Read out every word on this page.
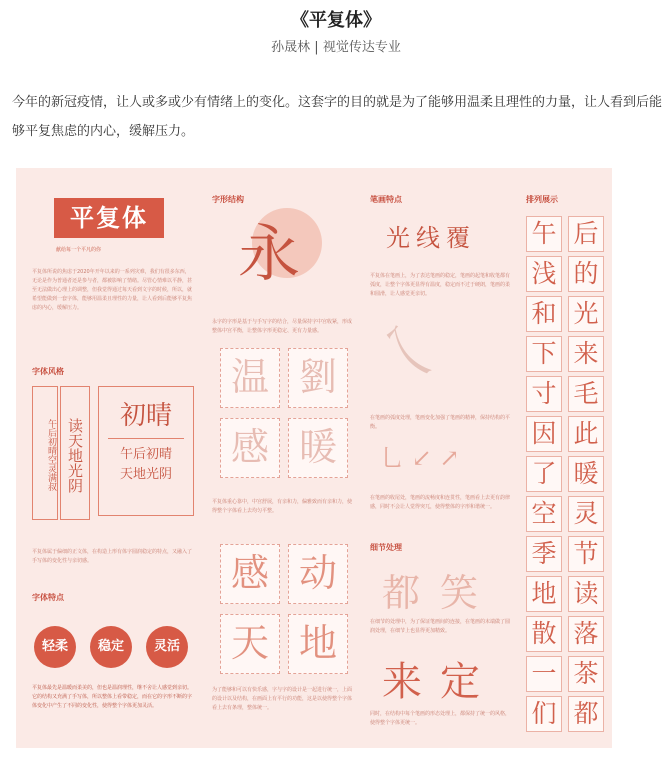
《平复体》
孙晟林 | 视觉传达专业
今年的新冠疫情，让人或多或少有情绪上的变化。这套字的目的就是为了能够用温柔且理性的力量，让人看到后能够平复焦虑的内心，缓解压力。
平复体
献给每一个平凡的你
平复体所说的焦虑于2020年开年以来的一系列灾难，我们有很多东西，无论是作为普通者还是参与者，都被影响了情绪。尽管心情难以平静，甚至无法做出心理上的调整，但我觉得通过每天看到文字的时候，所以，就希望能做到一套字体，能够用温柔且理性的力量，让人看到后能够平复焦虑的内心，缓解压力。
字体风格
午后初晴空灵满叔 读天地光阴
初晴
午后初晴
天地光阴
平复体属于偏细的正文体，在构造上形有体字圆润稳定的特点，又融入了手写体的变化性与亲切感。
字体特点
轻柔	稳定	灵活
平复体最先是温暖而柔美的，但也是温润理性，继不舍让人感觉到亲切。它的结构又充满了手写体，所以整体上看带稳定，而在它的字形不断的字体变化中产生了不同的变化性，使得整个字体更加灵活。
字形结构
永
永字的字形是基于与手写字的结合，尽量保持字中宫收紧，形成整体中宫平衡，让整体字形更稳定、更有力量感。
温 劉
感 暖
平复体重心靠中，中宫舒展，有亲和力，偏雅致而有亲和力，使得整个字体看上去均匀平整。
感 动
天 地
为了能够和可以有快乐感，字与字的设计是一起进行统一，上面的设计以及结构，在画面上有平行的功能，这是以使得整个字体看上去有条理，整体统一。
笔画特点
光线覆
平复体在笔画上，为了表达笔画的稳定，笔画的起笔和收笔都有弧度，让整个字体更显得有温度，稳定而不过于硬朗，笔画的柔和圆滑，让人感觉更亲切。
乀
在笔画的弧度处理，笔画变化加强了笔画的精神，保持结构的平衡。
乚 ↙ ↗
在笔画的收尾处，笔画的流畅度和连贯性，笔画看上去更有韵律感，同时不会让人觉得突兀，使得整体的字形和谐统一。
细节处理
都 笑
在细节的处理中，为了保证笔画间的连接，在笔画的末端做了圆润处理，在细节上也显得更加精致。
来 定
同时，在结构中每个笔画的形态处理上，都保持了统一的风格，使得整个字体更统一。
排列展示
午
浅
和
下
寸
因
了
空
季
地
散
一
们
后
的
光
来
毛
此
暖
灵
节
读
落
茶
都
